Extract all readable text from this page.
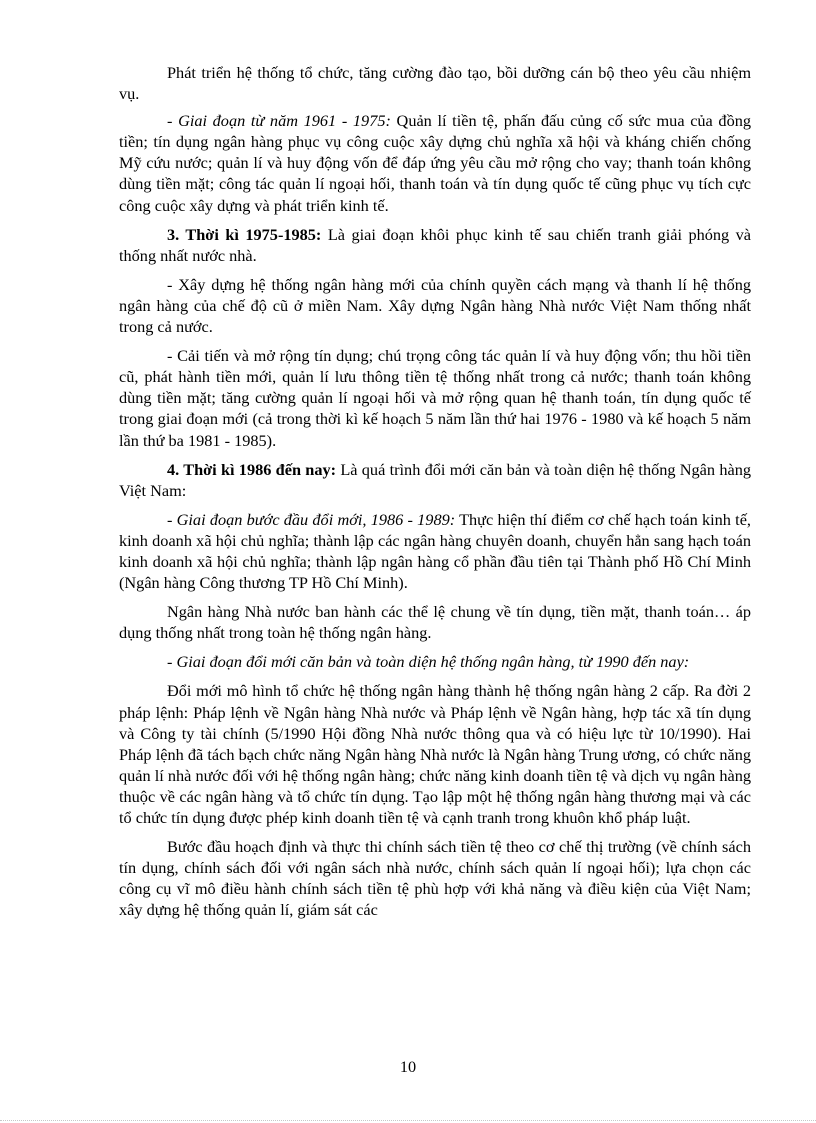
Phát triển hệ thống tổ chức, tăng cường đào tạo, bồi dưỡng cán bộ theo yêu cầu nhiệm vụ.

- Giai đoạn từ năm 1961 - 1975: Quản lí tiền tệ, phấn đấu củng cố sức mua của đồng tiền; tín dụng ngân hàng phục vụ công cuộc xây dựng chủ nghĩa xã hội và kháng chiến chống Mỹ cứu nước; quản lí và huy động vốn để đáp ứng yêu cầu mở rộng cho vay; thanh toán không dùng tiền mặt; công tác quản lí ngoại hối, thanh toán và tín dụng quốc tế cũng phục vụ tích cực công cuộc xây dựng và phát triển kinh tế.

3. Thời kì 1975-1985: Là giai đoạn khôi phục kinh tế sau chiến tranh giải phóng và thống nhất nước nhà.

- Xây dựng hệ thống ngân hàng mới của chính quyền cách mạng và thanh lí hệ thống ngân hàng của chế độ cũ ở miền Nam. Xây dựng Ngân hàng Nhà nước Việt Nam thống nhất trong cả nước.

- Cải tiến và mở rộng tín dụng; chú trọng công tác quản lí và huy động vốn; thu hồi tiền cũ, phát hành tiền mới, quản lí lưu thông tiền tệ thống nhất trong cả nước; thanh toán không dùng tiền mặt; tăng cường quản lí ngoại hối và mở rộng quan hệ thanh toán, tín dụng quốc tế trong giai đoạn mới (cả trong thời kì kế hoạch 5 năm lần thứ hai 1976 - 1980 và kế hoạch 5 năm lần thứ ba 1981 - 1985).

4. Thời kì 1986 đến nay: Là quá trình đổi mới căn bản và toàn diện hệ thống Ngân hàng Việt Nam:

- Giai đoạn bước đầu đổi mới, 1986 - 1989: Thực hiện thí điểm cơ chế hạch toán kinh tế, kinh doanh xã hội chủ nghĩa; thành lập các ngân hàng chuyên doanh, chuyển hẳn sang hạch toán kinh doanh xã hội chủ nghĩa; thành lập ngân hàng cổ phần đầu tiên tại Thành phố Hồ Chí Minh (Ngân hàng Công thương TP Hồ Chí Minh).

Ngân hàng Nhà nước ban hành các thể lệ chung về tín dụng, tiền mặt, thanh toán… áp dụng thống nhất trong toàn hệ thống ngân hàng.

- Giai đoạn đổi mới căn bản và toàn diện hệ thống ngân hàng, từ 1990 đến nay:

Đổi mới mô hình tổ chức hệ thống ngân hàng thành hệ thống ngân hàng 2 cấp. Ra đời 2 pháp lệnh: Pháp lệnh về Ngân hàng Nhà nước và Pháp lệnh về Ngân hàng, hợp tác xã tín dụng và Công ty tài chính (5/1990 Hội đồng Nhà nước thông qua và có hiệu lực từ 10/1990). Hai Pháp lệnh đã tách bạch chức năng Ngân hàng Nhà nước là Ngân hàng Trung ương, có chức năng quản lí nhà nước đối với hệ thống ngân hàng; chức năng kinh doanh tiền tệ và dịch vụ ngân hàng thuộc về các ngân hàng và tổ chức tín dụng. Tạo lập một hệ thống ngân hàng thương mại và các tổ chức tín dụng được phép kinh doanh tiền tệ và cạnh tranh trong khuôn khổ pháp luật.

Bước đầu hoạch định và thực thi chính sách tiền tệ theo cơ chế thị trường (về chính sách tín dụng, chính sách đối với ngân sách nhà nước, chính sách quản lí ngoại hối); lựa chọn các công cụ vĩ mô điều hành chính sách tiền tệ phù hợp với khả năng và điều kiện của Việt Nam; xây dựng hệ thống quản lí, giám sát các

10
